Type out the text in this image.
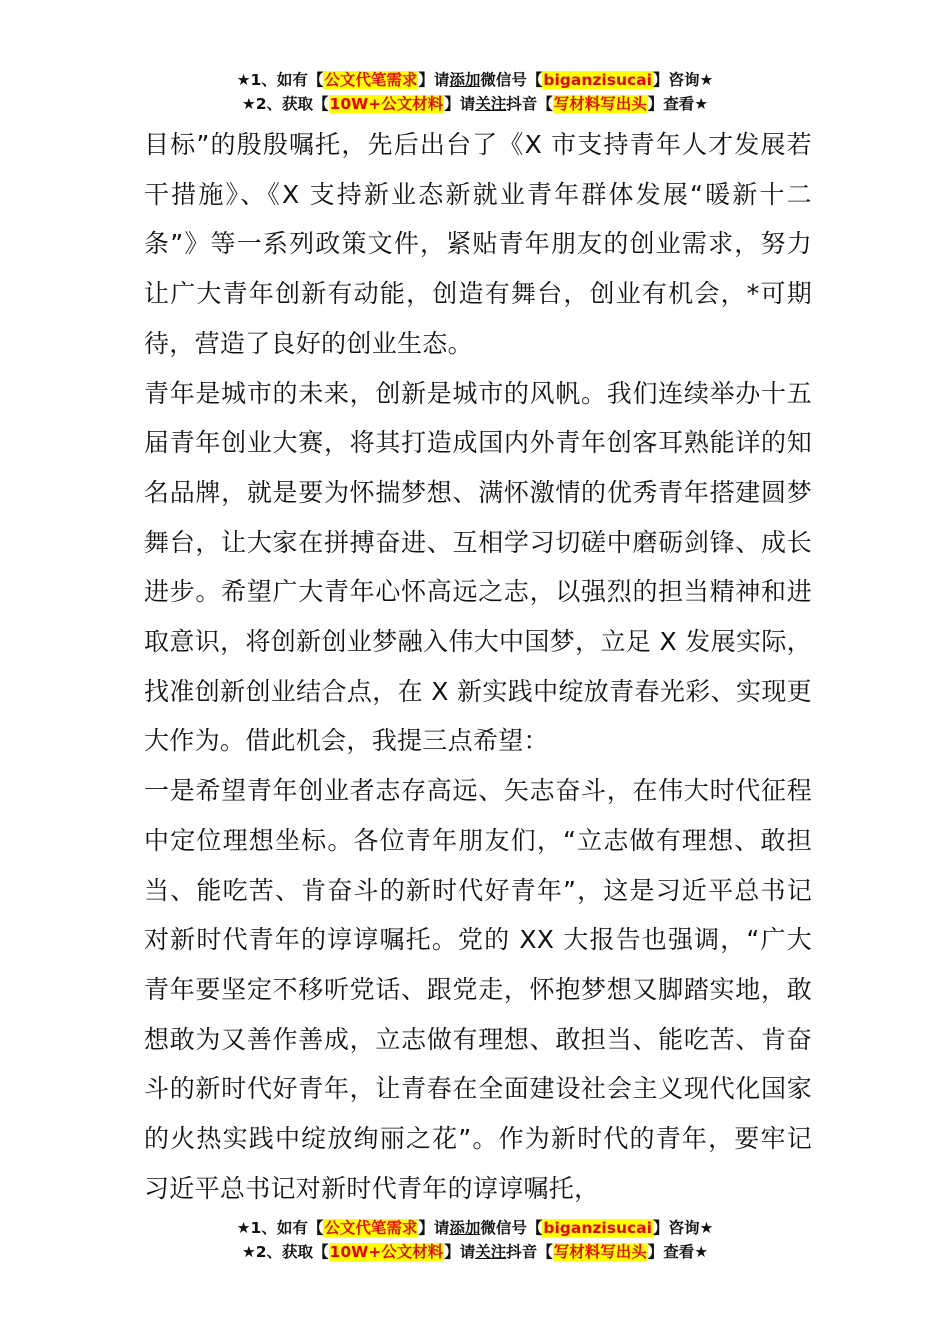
★1、如有【公文代笔需求】请添加微信号【biganzisucai】咨询★
★2、获取【10W+公文材料】请关注抖音【写材料写出头】查看★

目标”的殷殷嘱托，先后出台了《X 市支持青年人才发展若干措施》、《X 支持新业态新就业青年群体发展“暖新十二条”》等一系列政策文件，紧贴青年朋友的创业需求，努力让广大青年创新有动能，创造有舞台，创业有机会，*可期待，营造了良好的创业生态。

青年是城市的未来，创新是城市的风帆。我们连续举办十五届青年创业大赛，将其打造成国内外青年创客耳熟能详的知名品牌，就是要为怀揣梦想、满怀激情的优秀青年搭建圆梦舞台，让大家在拼搏奋进、互相学习切磋中磨砺剑锋、成长进步。希望广大青年心怀高远之志，以强烈的担当精神和进取意识，将创新创业梦融入伟大中国梦，立足 X 发展实际，找准创新创业结合点，在 X 新实践中绽放青春光彩、实现更大作为。借此机会，我提三点希望：

一是希望青年创业者志存高远、矢志奋斗，在伟大时代征程中定位理想坐标。各位青年朋友们，“立志做有理想、敢担当、能吃苦、肯奋斗的新时代好青年”，这是习近平总书记对新时代青年的谆谆嘱托。党的 XX 大报告也强调，“广大青年要坚定不移听党话、跟党走，怀抱梦想又脚踏实地，敢想敢为又善作善成，立志做有理想、敢担当、能吃苦、肯奋斗的新时代好青年，让青春在全面建设社会主义现代化国家的火热实践中绽放绚丽之花”。作为新时代的青年，要牢记习近平总书记对新时代青年的谆谆嘱托，

★1、如有【公文代笔需求】请添加微信号【biganzisucai】咨询★
★2、获取【10W+公文材料】请关注抖音【写材料写出头】查看★
